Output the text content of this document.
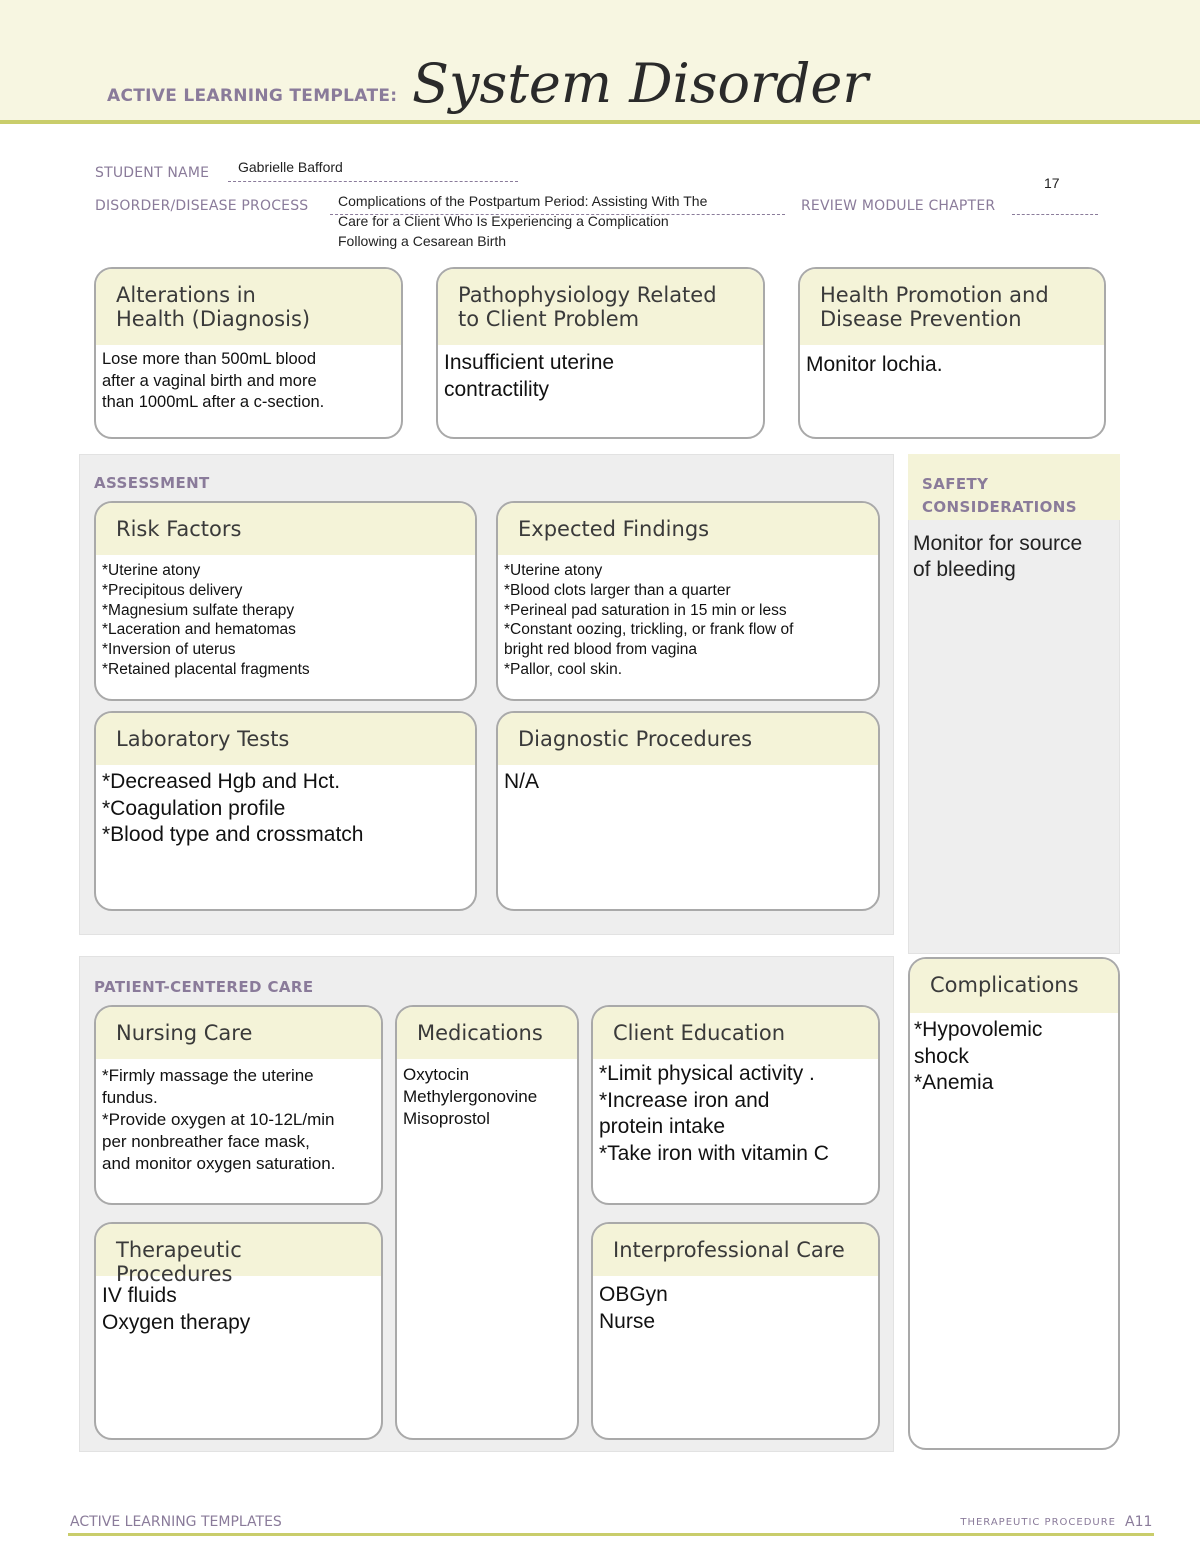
ACTIVE LEARNING TEMPLATE: System Disorder
STUDENT NAME Gabrielle Bafford
DISORDER/DISEASE PROCESS Complications of the Postpartum Period: Assisting With The
Care for a Client Who Is Experiencing a Complication
Following a Cesarean Birth
REVIEW MODULE CHAPTER
17
Alterations in
Health (Diagnosis)
Lose more than 500mL blood
after a vaginal birth and more
than 1000mL after a c-section.
Pathophysiology Related
to Client Problem
Insufficient uterine
contractility
Health Promotion and
Disease Prevention
Monitor lochia.
ASSESSMENT
Risk Factors
*Uterine atony
*Precipitous delivery
*Magnesium sulfate therapy
*Laceration and hematomas
*Inversion of uterus
*Retained placental fragments
Expected Findings
*Uterine atony
*Blood clots larger than a quarter
*Perineal pad saturation in 15 min or less
*Constant oozing, trickling, or frank flow of
bright red blood from vagina
*Pallor, cool skin.
Laboratory Tests
*Decreased Hgb and Hct.
*Coagulation profile
*Blood type and crossmatch
Diagnostic Procedures
N/A
SAFETY
CONSIDERATIONS
Monitor for source
of bleeding
PATIENT-CENTERED CARE
Nursing Care
*Firmly massage the uterine
fundus.
*Provide oxygen at 10-12L/min
per nonbreather face mask,
and monitor oxygen saturation.
Medications
Oxytocin
Methylergonovine
Misoprostol
Client Education
*Limit physical activity .
*Increase iron and
protein intake
*Take iron with vitamin C
Therapeutic Procedures
IV fluids
Oxygen therapy
Interprofessional Care
OBGyn
Nurse
Complications
*Hypovolemic
shock
*Anemia
ACTIVE LEARNING TEMPLATES	THERAPEUTIC PROCEDURE A11
